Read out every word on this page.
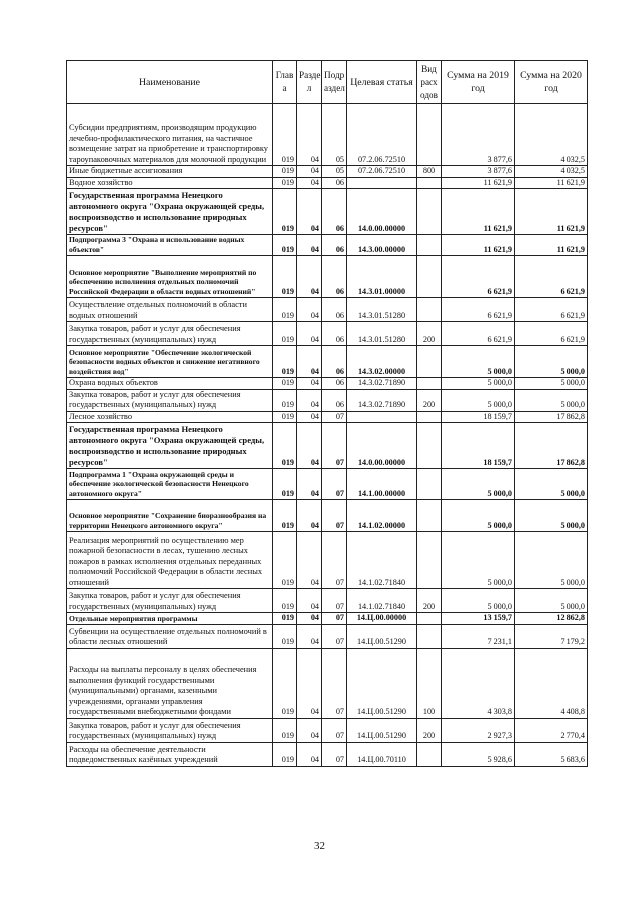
Наименование	Глав а	Разде л	Подр аздел	Целевая статья	Вид расх одов	Сумма на 2019 год	Сумма на 2020 год
Субсидии предприятиям, производящим продукцию лечебно-профилактического питания, на частичное возмещение затрат на приобретение и транспортировку тароупаковочных материалов для молочной продукции	019	04	05	07.2.06.72510		3 877,6	4 032,5
Иные бюджетные ассигнования	019	04	05	07.2.06.72510	800	3 877,6	4 032,5
Водное хозяйство	019	04	06			11 621,9	11 621,9
Государственная программа Ненецкого автономного округа "Охрана окружающей среды, воспроизводство и использование природных ресурсов"	019	04	06	14.0.00.00000		11 621,9	11 621,9
Подпрограмма 3 "Охрана и использование водных объектов"	019	04	06	14.3.00.00000		11 621,9	11 621,9
Основное мероприятие "Выполнение мероприятий по обеспечению исполнения отдельных полномочий Российской Федерации в области водных отношений"	019	04	06	14.3.01.00000		6 621,9	6 621,9
Осуществление отдельных полномочий в области водных отношений	019	04	06	14.3.01.51280		6 621,9	6 621,9
Закупка товаров, работ и услуг для обеспечения государственных (муниципальных) нужд	019	04	06	14.3.01.51280	200	6 621,9	6 621,9
Основное мероприятие "Обеспечение экологической безопасности водных объектов и снижение негативного воздействия вод"	019	04	06	14.3.02.00000		5 000,0	5 000,0
Охрана водных объектов	019	04	06	14.3.02.71890		5 000,0	5 000,0
Закупка товаров, работ и услуг для обеспечения государственных (муниципальных) нужд	019	04	06	14.3.02.71890	200	5 000,0	5 000,0
Лесное хозяйство	019	04	07			18 159,7	17 862,8
Государственная программа Ненецкого автономного округа "Охрана окружающей среды, воспроизводство и использование природных ресурсов"	019	04	07	14.0.00.00000		18 159,7	17 862,8
Подпрограмма 1 "Охрана окружающей среды и обеспечение экологической безопасности Ненецкого автономного округа"	019	04	07	14.1.00.00000		5 000,0	5 000,0
Основное мероприятие "Сохранение биоразнообразия на территории Ненецкого автономного округа"	019	04	07	14.1.02.00000		5 000,0	5 000,0
Реализация мероприятий по осуществлению мер пожарной безопасности в лесах, тушению лесных пожаров в рамках исполнения отдельных переданных полномочий Российской Федерации в области лесных отношений	019	04	07	14.1.02.71840		5 000,0	5 000,0
Закупка товаров, работ и услуг для обеспечения государственных (муниципальных) нужд	019	04	07	14.1.02.71840	200	5 000,0	5 000,0
Отдельные мероприятия программы	019	04	07	14.Ц.00.00000		13 159,7	12 862,8
Субвенции на осуществление отдельных полномочий в области лесных отношений	019	04	07	14.Ц.00.51290		7 231,1	7 179,2
Расходы на выплаты персоналу в целях обеспечения выполнения функций государственными (муниципальными) органами, казенными учреждениями, органами управления государственными внебюджетными фондами	019	04	07	14.Ц.00.51290	100	4 303,8	4 408,8
Закупка товаров, работ и услуг для обеспечения государственных (муниципальных) нужд	019	04	07	14.Ц.00.51290	200	2 927,3	2 770,4
Расходы на обеспечение деятельности подведомственных казённых учреждений	019	04	07	14.Ц.00.70110		5 928,6	5 683,6
32
